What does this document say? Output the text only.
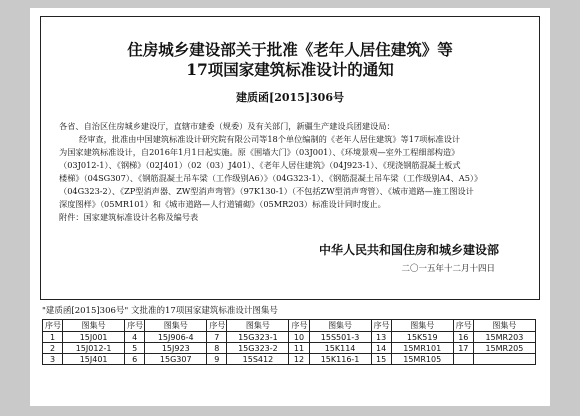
住房城乡建设部关于批准《老年人居住建筑》等

17项国家建筑标准设计的通知

建质函[2015]306号

各省、自治区住房城乡建设厅，直辖市建委（规委）及有关部门，新疆生产建设兵团建设局：

经审查，批准由中国建筑标准设计研究院有限公司等18个单位编制的《老年人居住建筑》等17项标准设计

为国家建筑标准设计，自2016年1月1日起实施。原《围墙大门》（03J001）、《环境景观—室外工程细部构造》

（03J012-1）、《钢梯》（02J401）（02（03）J401）、《老年人居住建筑》（04J923-1）、《现浇钢筋混凝土板式

楼梯》（04SG307）、《钢筋混凝土吊车梁（工作级别A6）》（04G323-1）、《钢筋混凝土吊车梁（工作级别A4、A5）》

（04G323-2）、《ZP型消声器、ZW型消声弯管》（97K130-1）（不包括ZW型消声弯管）、《城市道路—施工图设计

深度图样》（05MR101）和《城市道路—人行道铺砌》（05MR203）标准设计同时废止。

附件：国家建筑标准设计名称及编号表

中华人民共和国住房和城乡建设部
二〇一五年十二月十四日
"建质函[2015]306号" 文批准的17项国家建筑标准设计图集号
序号	图集号	序号	图集号	序号	图集号	序号	图集号	序号	图集号	序号	图集号
1	15J001	4	15J906-4	7	15G323-1	10	15S501-3	13	15K519	16	15MR203
2	15J012-1	5	15J923	8	15G323-2	11	15K114	14	15MR101	17	15MR205
3	15J401	6	15G307	9	15S412	12	15K116-1	15	15MR105		
